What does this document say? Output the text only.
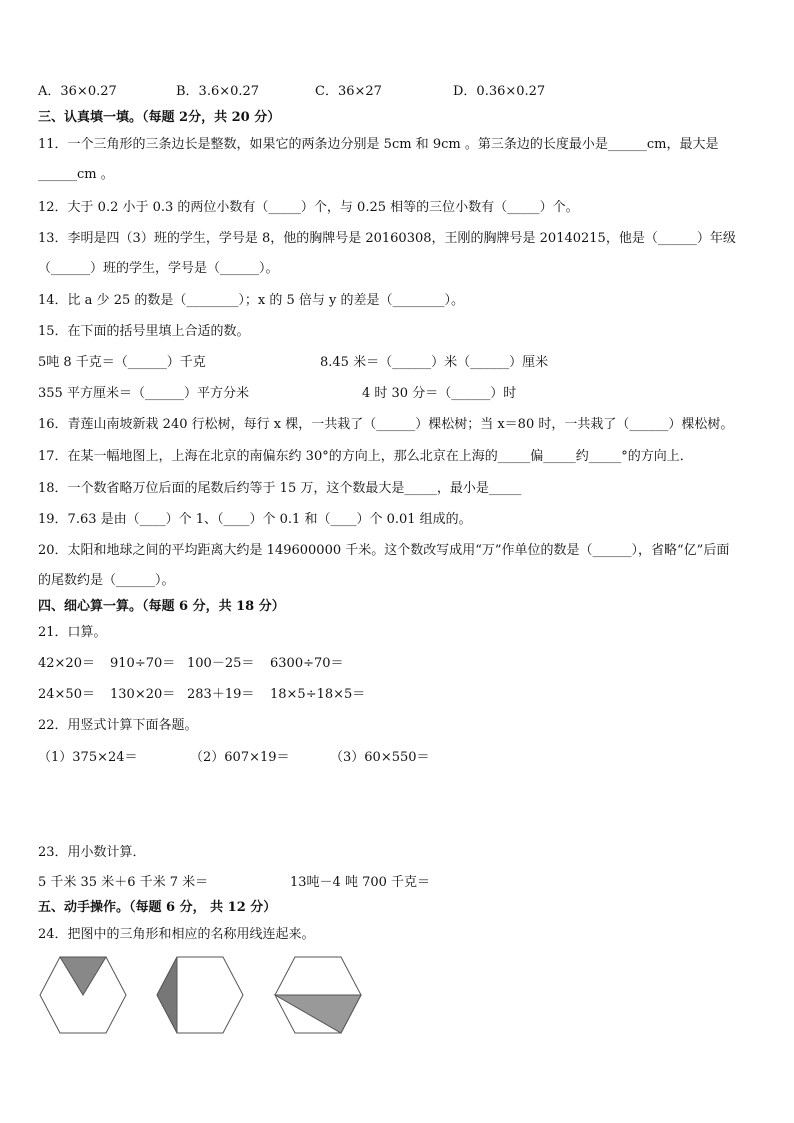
A．36×0.27	B．3.6×0.27	C．36×27	D．0.36×0.27
三、认真填一填。（每题 2分，共 20 分）
11．一个三角形的三条边长是整数，如果它的两条边分别是 5cm 和 9cm 。第三条边的长度最小是______cm，最大是
______cm 。
12．大于 0.2 小于 0.3 的两位小数有（_____）个，与 0.25 相等的三位小数有（_____）个。
13．李明是四（3）班的学生，学号是 8，他的胸牌号是 20160308，王刚的胸牌号是 20140215，他是（______）年级
（______）班的学生，学号是（______）。
14．比 a 少 25 的数是（________）；x 的 5 倍与 y 的差是（________）。
15．在下面的括号里填上合适的数。
5吨 8 千克＝（______）千克	8.45 米＝（______）米（______）厘米
355 平方厘米＝（______）平方分米	4 时 30 分＝（______）时
16．青莲山南坡新栽 240 行松树，每行 x 棵，一共栽了（______）棵松树；当 x＝80 时，一共栽了（______）棵松树。
17．在某一幅地图上，上海在北京的南偏东约 30°的方向上，那么北京在上海的_____偏_____约_____°的方向上．
18．一个数省略万位后面的尾数后约等于 15 万，这个数最大是_____，最小是_____
19．7.63 是由（____）个 1、（____）个 0.1 和（____）个 0.01 组成的。
20．太阳和地球之间的平均距离大约是 149600000 千米。这个数改写成用“万”作单位的数是（______），省略“亿”后面
的尾数约是（______）。
四、细心算一算。（每题 6 分，共 18 分）
21．口算。
42×20＝ 910÷70＝ 100－25＝ 6300÷70＝
24×50＝ 130×20＝ 283＋19＝ 18×5÷18×5＝
22．用竖式计算下面各题。
（1）375×24＝	（2）607×19＝	（3）60×550＝
23．用小数计算．
5 千米 35 米＋6 千米 7 米＝	13吨－4 吨 700 千克＝
五、动手操作。（每题 6 分， 共 12 分）
24．把图中的三角形和相应的名称用线连起来。
